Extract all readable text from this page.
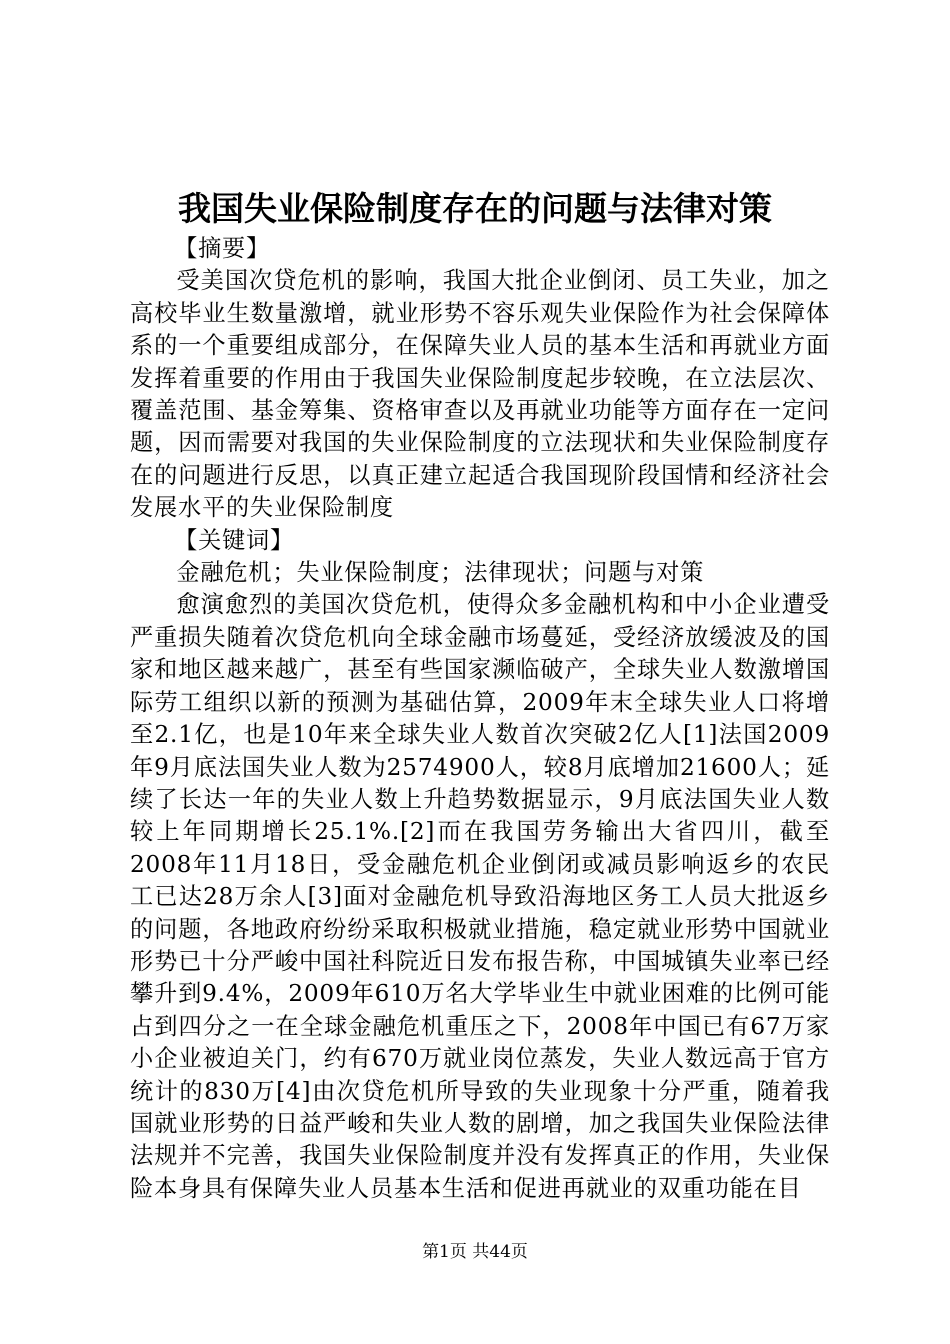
我国失业保险制度存在的问题与法律对策

【摘要】

受美国次贷危机的影响，我国大批企业倒闭、员工失业，加之高校毕业生数量激增，就业形势不容乐观失业保险作为社会保障体系的一个重要组成部分，在保障失业人员的基本生活和再就业方面发挥着重要的作用由于我国失业保险制度起步较晚，在立法层次、覆盖范围、基金筹集、资格审查以及再就业功能等方面存在一定问题，因而需要对我国的失业保险制度的立法现状和失业保险制度存在的问题进行反思，以真正建立起适合我国现阶段国情和经济社会发展水平的失业保险制度

【关键词】

金融危机；失业保险制度；法律现状；问题与对策

愈演愈烈的美国次贷危机，使得众多金融机构和中小企业遭受严重损失随着次贷危机向全球金融市场蔓延，受经济放缓波及的国家和地区越来越广，甚至有些国家濒临破产，全球失业人数激增国际劳工组织以新的预测为基础估算，2009年末全球失业人口将增至2.1亿，也是10年来全球失业人数首次突破2亿人[1]法国2009年9月底法国失业人数为2574900人，较8月底增加21600人；延续了长达一年的失业人数上升趋势数据显示，9月底法国失业人数较上年同期增长25.1%.[2]而在我国劳务输出大省四川，截至2008年11月18日，受金融危机企业倒闭或减员影响返乡的农民工已达28万余人[3]面对金融危机导致沿海地区务工人员大批返乡的问题，各地政府纷纷采取积极就业措施，稳定就业形势中国就业形势已十分严峻中国社科院近日发布报告称，中国城镇失业率已经攀升到9.4%，2009年610万名大学毕业生中就业困难的比例可能占到四分之一在全球金融危机重压之下，2008年中国已有67万家小企业被迫关门，约有670万就业岗位蒸发，失业人数远高于官方统计的830万[4]由次贷危机所导致的失业现象十分严重，随着我国就业形势的日益严峻和失业人数的剧增，加之我国失业保险法律法规并不完善，我国失业保险制度并没有发挥真正的作用，失业保险本身具有保障失业人员基本生活和促进再就业的双重功能在目

第1页 共44页
